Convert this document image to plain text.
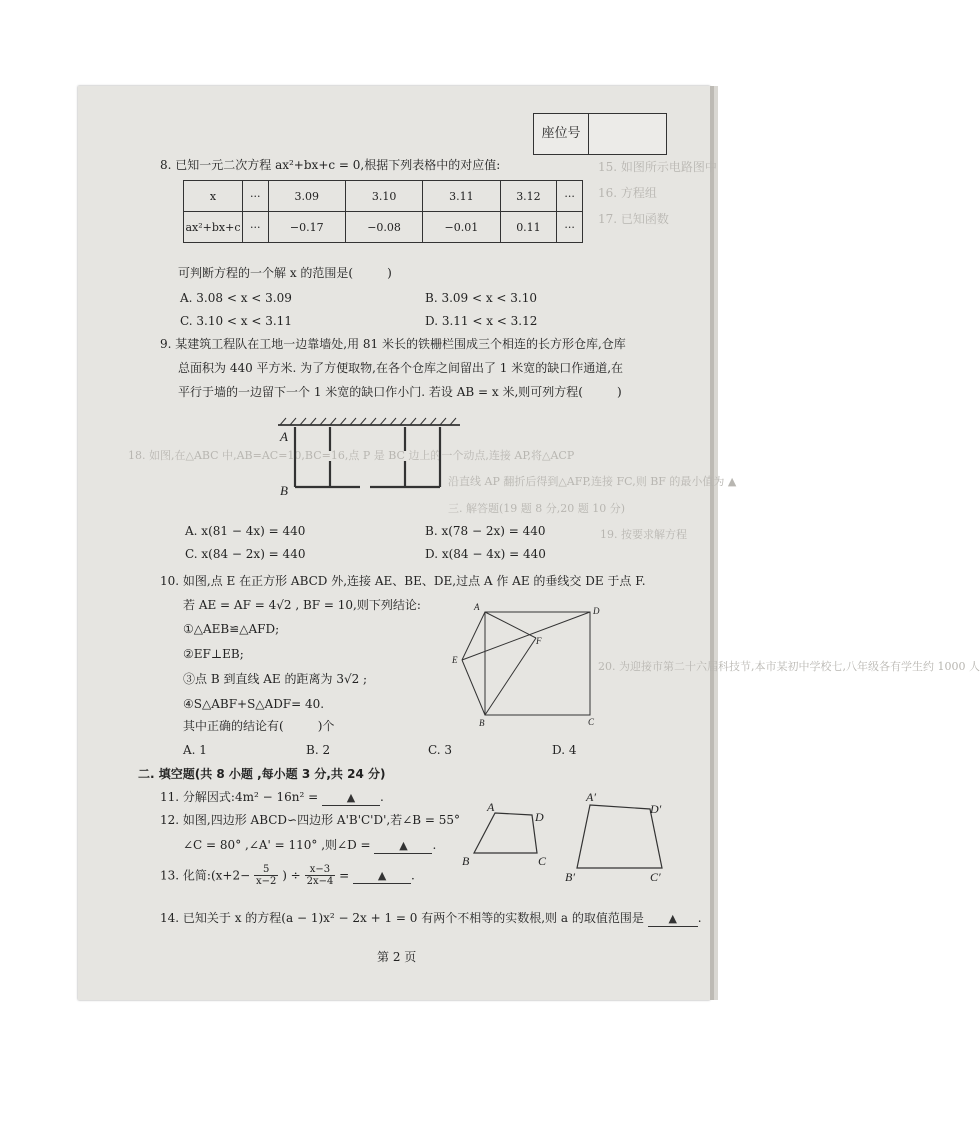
15. 如图所示电路图中
16. 方程组
17. 已知函数
18. 如图,在△ABC 中,AB=AC=10,BC=16,点 P 是 BC 边上的一个动点,连接 AP,将△ACP
沿直线 AP 翻折后得到△AFP,连接 FC,则 BF 的最小值为 ▲
三. 解答题(19 题 8 分,20 题 10 分)
19. 按要求解方程
20. 为迎接市第二十六届科技节,本市某初中学校七,八年级各有学生约 1000 人
座位号
8. 已知一元二次方程 ax²+bx+c = 0,根据下列表格中的对应值:
x	···	3.09	3.10	3.11	3.12	···
ax²+bx+c	···	−0.17	−0.08	−0.01	0.11	···
可判断方程的一个解 x 的范围是(	)
A. 3.08 < x < 3.09	B. 3.09 < x < 3.10
C. 3.10 < x < 3.11	D. 3.11 < x < 3.12
9. 某建筑工程队在工地一边靠墙处,用 81 米长的铁栅栏围成三个相连的长方形仓库,仓库
总面积为 440 平方米. 为了方便取物,在各个仓库之间留出了 1 米宽的缺口作通道,在
平行于墙的一边留下一个 1 米宽的缺口作小门. 若设 AB = x 米,则可列方程(	)
A
B
A. x(81 − 4x) = 440	B. x(78 − 2x) = 440
C. x(84 − 2x) = 440	D. x(84 − 4x) = 440
10. 如图,点 E 在正方形 ABCD 外,连接 AE、BE、DE,过点 A 作 AE 的垂线交 DE 于点 F.
若 AE = AF = 4√2 , BF = 10,则下列结论:
①△AEB≌△AFD;
②EF⊥EB;
③点 B 到直线 AE 的距离为 3√2 ;
④S△ABF+S△ADF= 40.
其中正确的结论有(	)个
A. 1	B. 2	C. 3	D. 4
A	D
B	C
E
F
二. 填空题(共 8 小题 ,每小题 3 分,共 24 分)
11. 分解因式:4m² − 16n² =	▲ .
12. 如图,四边形 ABCD∽四边形 A'B'C'D',若∠B = 55°
∠C = 80° ,∠A' = 110° ,则∠D =	▲ .
A
D
B	C
A′
D′
B′	C′
13. 化简:(x+2− $\frac{5}{x-2}$ ) ÷ $\frac{x-3}{2x-4}$ =	▲ .
14. 已知关于 x 的方程(a − 1)x² − 2x + 1 = 0 有两个不相等的实数根,则 a 的取值范围是 ▲ .
第 2 页
